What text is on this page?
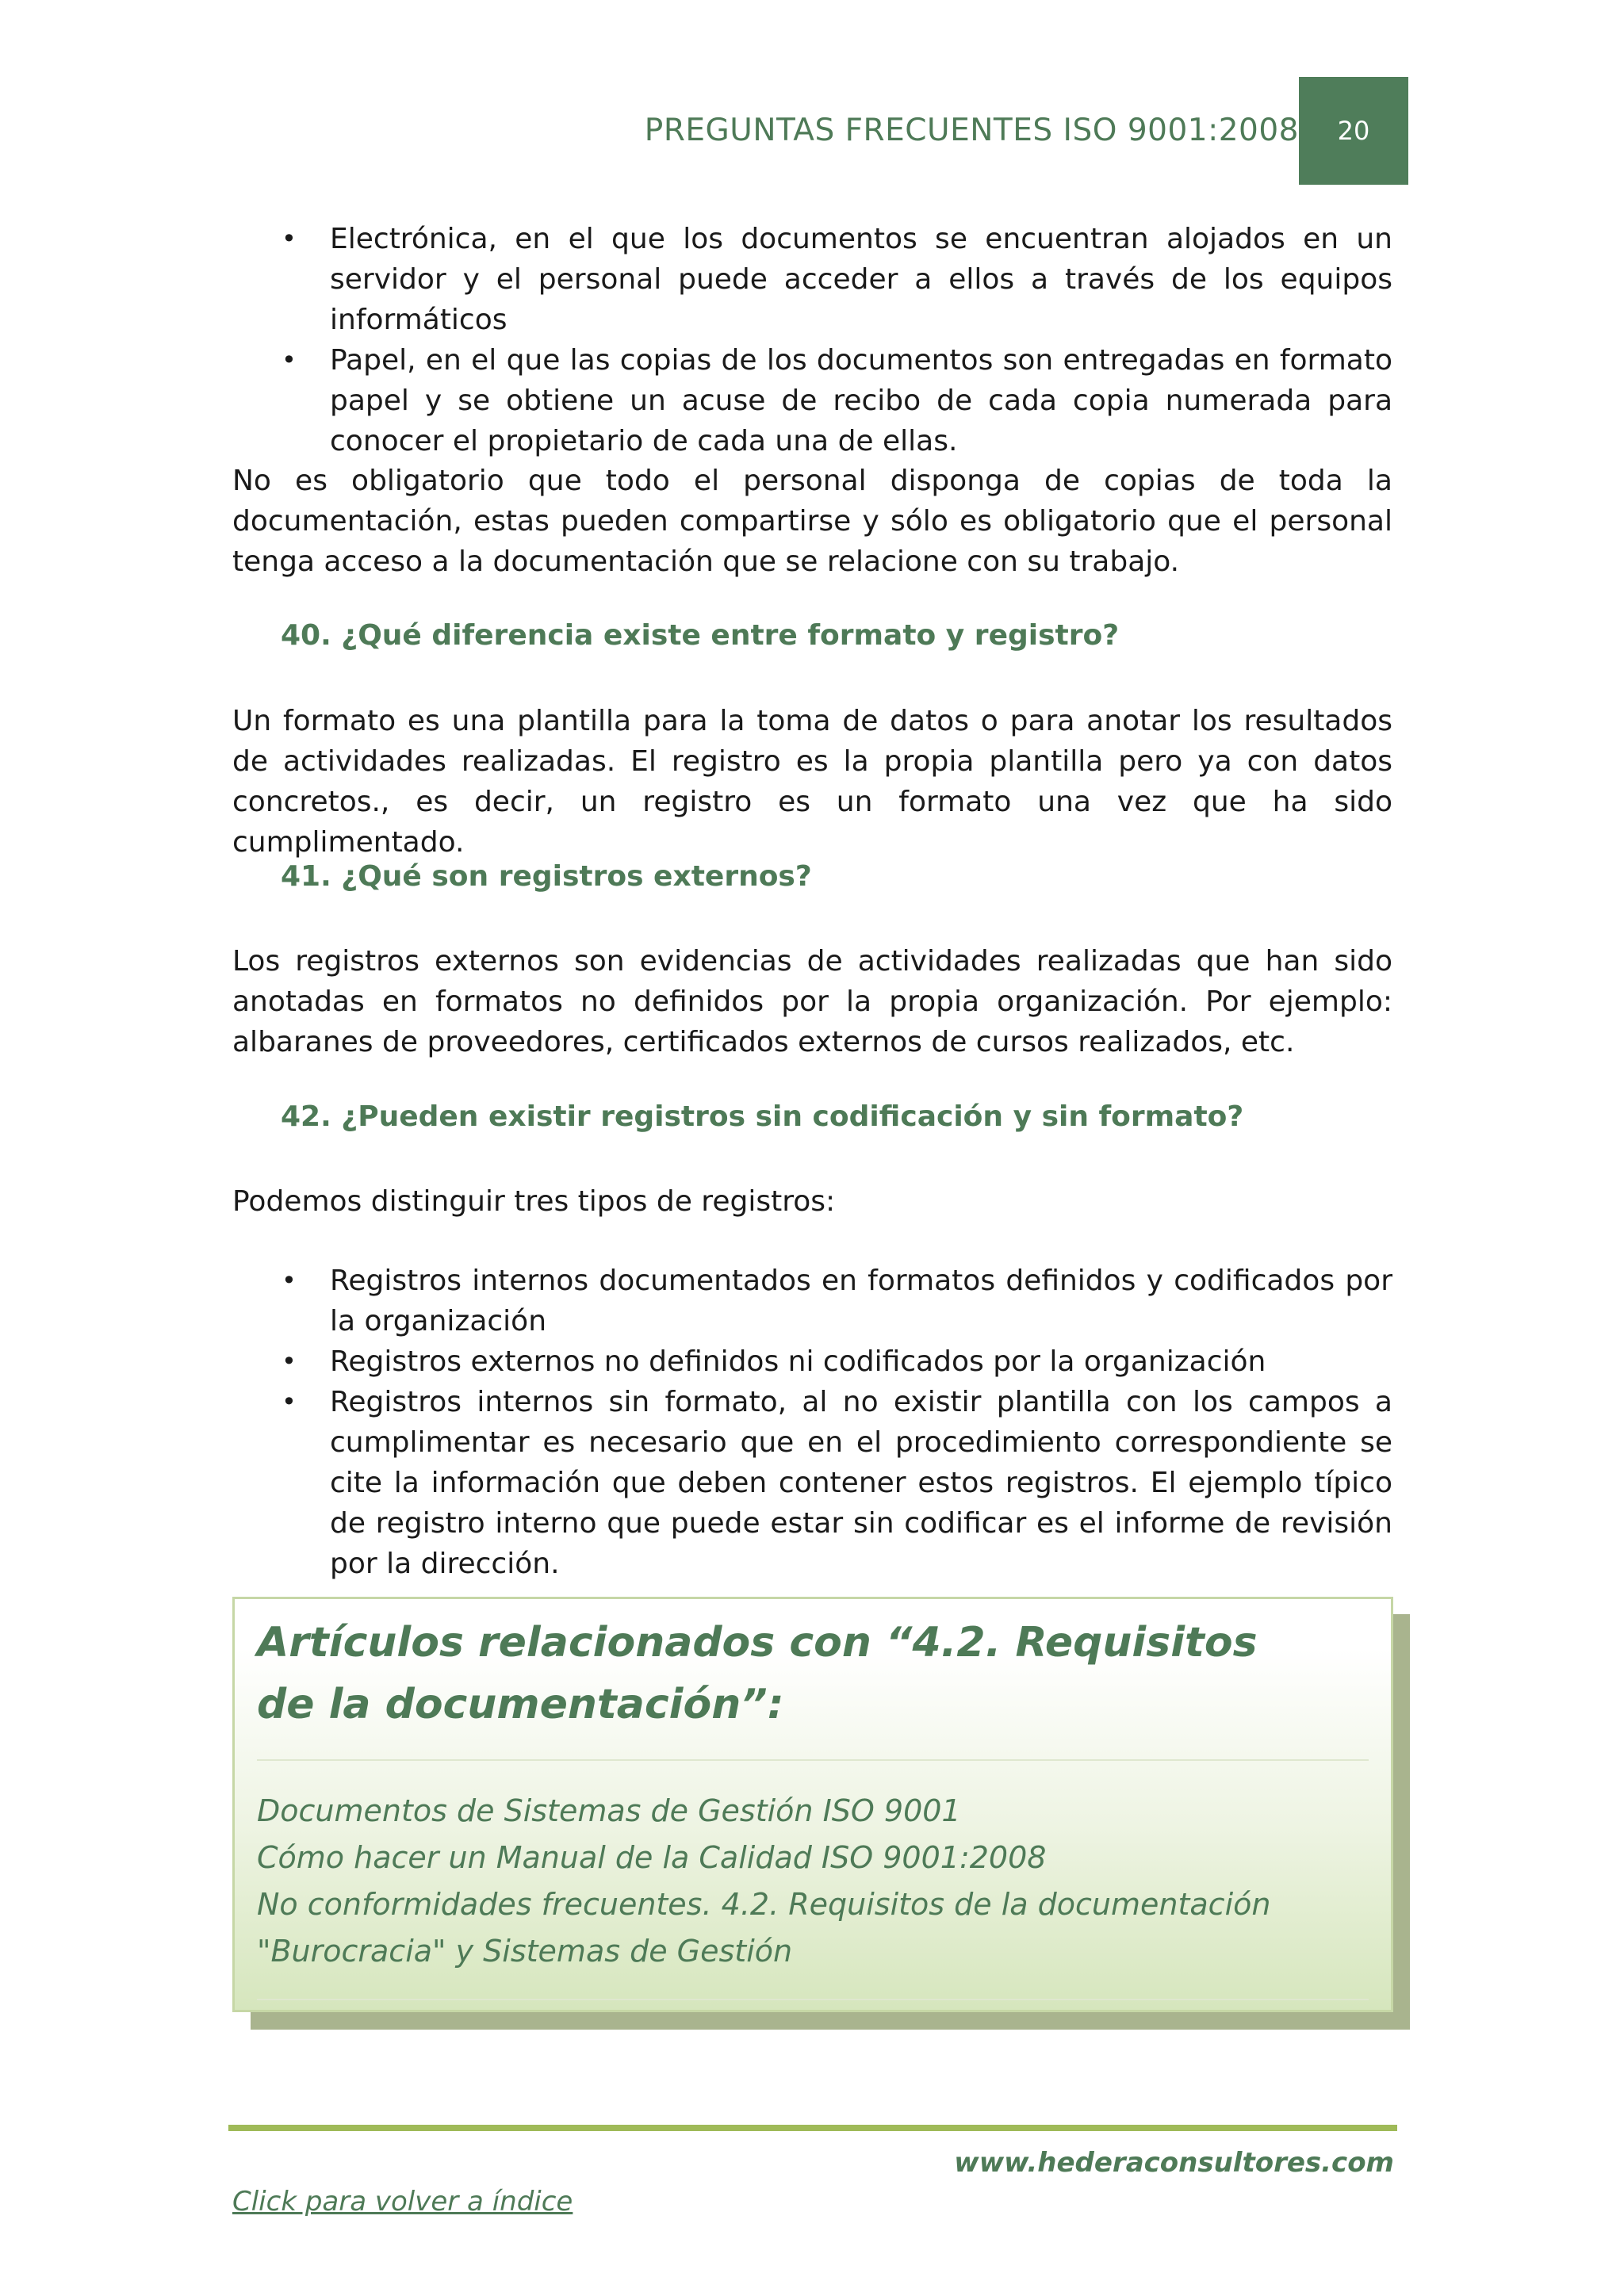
PREGUNTAS FRECUENTES ISO 9001:2008	20
• Electrónica, en el que los documentos se encuentran alojados en un servidor y el personal puede acceder a ellos a través de los equipos informáticos
• Papel, en el que las copias de los documentos son entregadas en formato papel y se obtiene un acuse de recibo de cada copia numerada para conocer el propietario de cada una de ellas.

No es obligatorio que todo el personal disponga de copias de toda la documentación, estas pueden compartirse y sólo es obligatorio que el personal tenga acceso a la documentación que se relacione con su trabajo.

40. ¿Qué diferencia existe entre formato y registro?

Un formato es una plantilla para la toma de datos o para anotar los resultados de actividades realizadas. El registro es la propia plantilla pero ya con datos concretos., es decir, un registro es un formato una vez que ha sido cumplimentado.

41. ¿Qué son registros externos?

Los registros externos son evidencias de actividades realizadas que han sido anotadas en formatos no definidos por la propia organización. Por ejemplo: albaranes de proveedores, certificados externos de cursos realizados, etc.

42. ¿Pueden existir registros sin codificación y sin formato?

Podemos distinguir tres tipos de registros:

• Registros internos documentados en formatos definidos y codificados por la organización
• Registros externos no definidos ni codificados por la organización
• Registros internos sin formato, al no existir plantilla con los campos a cumplimentar es necesario que en el procedimiento correspondiente se cite la información que deben contener estos registros. El ejemplo típico de registro interno que puede estar sin codificar es el informe de revisión por la dirección.
Artículos relacionados con “4.2. Requisitos de la documentación”:
Documentos de Sistemas de Gestión ISO 9001
Cómo hacer un Manual de la Calidad ISO 9001:2008
No conformidades frecuentes. 4.2. Requisitos de la documentación
"Burocracia" y Sistemas de Gestión
www.hederaconsultores.com
Click para volver a índice
